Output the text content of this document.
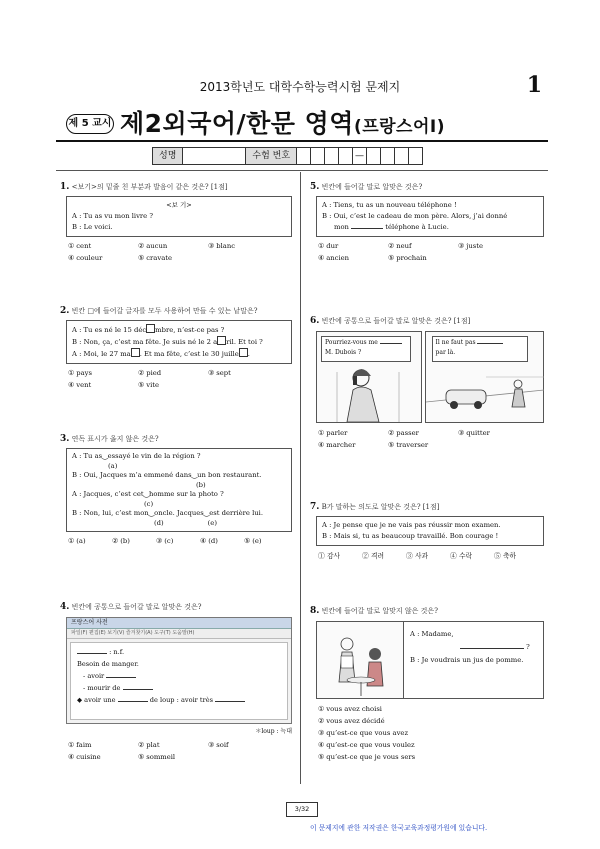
2013학년도 대학수학능력시험 문제지	1
제 5 교시 제2외국어/한문 영역(프랑스어Ⅰ)
성명	수험 번호	—
1. <보기>의 밑줄 친 부분과 발음이 같은 것은? [1점]
<보 기>
A : Tu as vu mon livre ?
B : Le voici.
① cent	② aucun	③ blanc
④ couleur	⑤ cravate
2. 빈칸 □에 들어갈 글자를 모두 사용하여 만들 수 있는 낱말은?
A : Tu es né le 15 déc mbre, n’est-ce pas ?
B : Non, ça, c’est ma fête. Je suis né le 2 a ril. Et toi ?
A : Moi, le 27 ma . Et ma fête, c’est le 30 juille .
① pays	② pied	③ sept
④ vent	⑤ vite
3. 연독 표시가 옳지 않은 것은?
A : Tu as‿essayé le vin de la région ?
(a)
B : Oui, Jacques m’a emmené dans‿un bon restaurant.
(b)
A : Jacques, c’est cet‿homme sur la photo ?
(c)
B : Non, lui, c’est mon‿oncle. Jacques‿est derrière lui.
(d)	(e)
① (a)	② (b)	③ (c)	④ (d)	⑤ (e)
4. 빈칸에 공통으로 들어갈 말로 알맞은 것은?
프랑스어 사전
파일(F) 편집(E) 보기(V) 즐겨찾기(A) 도구(T) 도움말(H)
: n.f.
Besoin de manger.
- avoir
- mourir de
◆ avoir une	de loup : avoir très
＊loup : 늑대
① faim	② plat	③ soif
④ cuisine	⑤ sommeil
5. 빈칸에 들어갈 말로 알맞은 것은?
A : Tiens, tu as un nouveau téléphone !
B : Oui, c’est le cadeau de mon père. Alors, j’ai donné
mon	téléphone à Lucie.
① dur	② neuf	③ juste
④ ancien	⑤ prochain
6. 빈칸에 공통으로 들어갈 말로 알맞은 것은? [1점]
Pourriez-vous me
M. Dubois ?
Il ne faut pas
par là.
① parler	② passer	③ quitter
④ marcher	⑤ traverser
7. B가 말하는 의도로 알맞은 것은? [1점]
A : Je pense que je ne vais pas réussir mon examen.
B : Mais si, tu as beaucoup travaillé. Bon courage !
① 감사	② 격려	③ 사과	④ 수락	⑤ 축하
8. 빈칸에 들어갈 말로 알맞지 않은 것은?
A : Madame,
?
B : Je voudrais un jus de pomme.
① vous avez choisi
② vous avez décidé
③ qu’est-ce que vous avez
④ qu’est-ce que vous voulez
⑤ qu’est-ce que je vous sers
3/32
이 문제지에 관한 저작권은 한국교육과정평가원에 있습니다.
